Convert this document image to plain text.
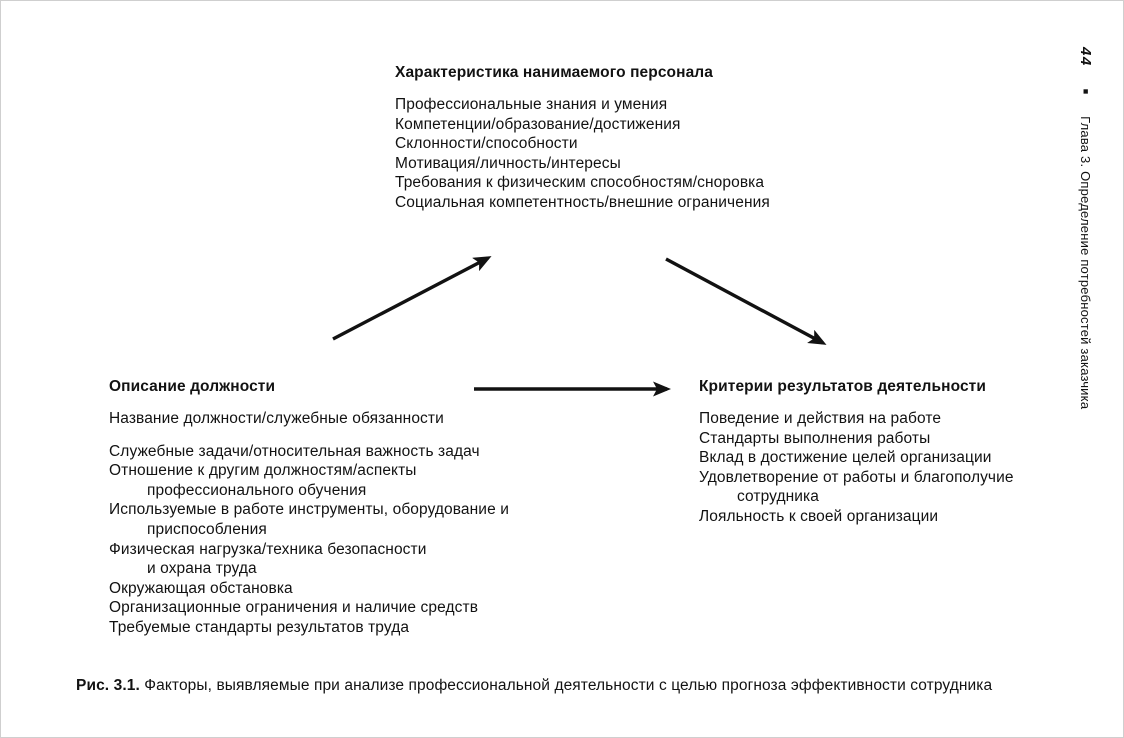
Характеристика нанимаемого персонала
Профессиональные знания и умения
Компетенции/образование/достижения
Склонности/способности
Мотивация/личность/интересы
Требования к физическим способностям/сноровка
Социальная компетентность/внешние ограничения
Описание должности
Название должности/служебные обязанности
Служебные задачи/относительная важность задач
Отношение к другим должностям/аспекты
профессионального обучения
Используемые в работе инструменты, оборудование и
приспособления
Физическая нагрузка/техника безопасности
и охрана труда
Окружающая обстановка
Организационные ограничения и наличие средств
Требуемые стандарты результатов труда
Критерии результатов деятельности
Поведение и действия на работе
Стандарты выполнения работы
Вклад в достижение целей организации
Удовлетворение от работы и благополучие
сотрудника
Лояльность к своей организации
Рис. 3.1. Факторы, выявляемые при анализе профессиональной деятельности с целью прогноза эффективности сотрудника
44
■
Глава 3. Определение потребностей заказчика
